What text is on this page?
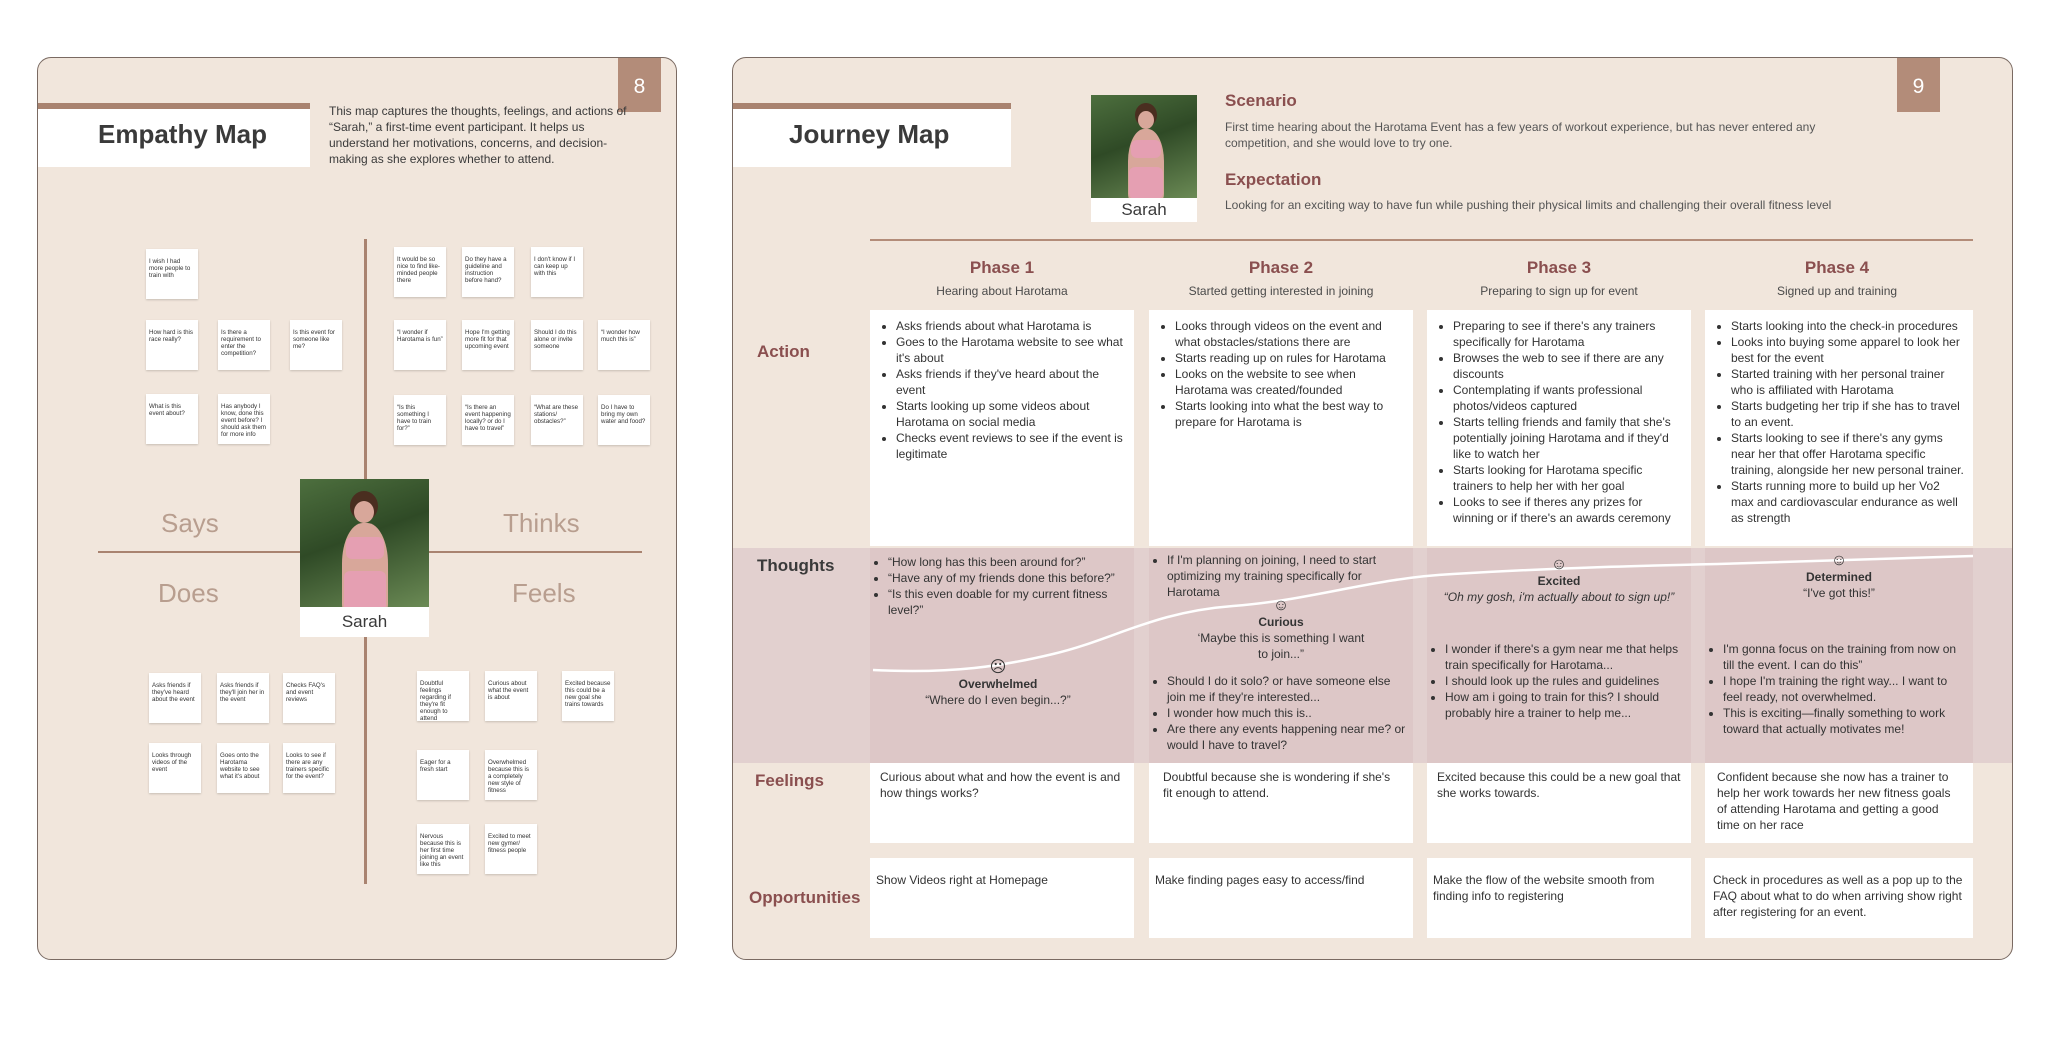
8
Empathy Map
This map captures the thoughts, feelings, and actions of “Sarah,” a first-time event participant. It helps us understand her motivations, concerns, and decision-making as she explores whether to attend.
Says	Thinks
Does	Feels
I wish I had more people to train with
How hard is this race really?
Is there a requirement to enter the competition?
Is this event for someone like me?
What is this event about?
Has anybody I know, done this event before? I should ask them for more info
It would be so nice to find like-minded people there
Do they have a guideline and instruction before hand?
I don't know if I can keep up with this
“I wonder if Harotama is fun”
Hope I'm getting more fit for that upcoming event
Should I do this alone or invite someone
“I wonder how much this is”
“Is this something I have to train for?”
“Is there an event happening locally? or do I have to travel”
“What are these stations/ obstacles?”
Do I have to bring my own water and food?
Asks friends if they've heard about the event
Asks friends if they'll join her in the event
Checks FAQ's and event reviews
Looks through videos of the event
Goes onto the Harotama website to see what it's about
Looks to see if there are any trainers specific for the event?
Doubtful feelings regarding if they're fit enough to attend
Curious about what the event is about
Excited because this could be a new goal she trains towards
Eager for a fresh start
Overwhelmed because this is a completely new style of fitness
Nervous because this is her first time joining an event like this
Excited to meet new gymer/ fitness people
Sarah
9
Journey Map
Sarah
Scenario
First time hearing about the Harotama Event has a few years of workout experience, but has never entered any competition, and she would love to try one.
Expectation
Looking for an exciting way to have fun while pushing their physical limits and challenging their overall fitness level
Phase 1
Hearing about Harotama
Phase 2
Started getting interested in joining
Phase 3
Preparing to sign up for event
Phase 4
Signed up and training
Action
• Asks friends about what Harotama is
• Goes to the Harotama website to see what it's about
• Asks friends if they've heard about the event
• Starts looking up some videos about Harotama on social media
• Checks event reviews to see if the event is legitimate
• Looks through videos on the event and what obstacles/stations there are
• Starts reading up on rules for Harotama
• Looks on the website to see when Harotama was created/founded
• Starts looking into what the best way to prepare for Harotama is
• Preparing to see if there's any trainers specifically for Harotama
• Browses the web to see if there are any discounts
• Contemplating if wants professional photos/videos captured
• Starts telling friends and family that she's potentially joining Harotama and if they'd like to watch her
• Starts looking for Harotama specific trainers to help her with her goal
• Looks to see if theres any prizes for winning or if there's an awards ceremony
• Starts looking into the check-in procedures
• Looks into buying some apparel to look her best for the event
• Started training with her personal trainer who is affiliated with Harotama
• Starts budgeting her trip if she has to travel to an event.
• Starts looking to see if there's any gyms near her that offer Harotama specific training, alongside her new personal trainer.
• Starts running more to build up her Vo2 max and cardiovascular endurance as well as strength
Thoughts
•	“How long has this been around for?”
• “Have any of my friends done this before?”
• “Is this even doable for my current fitness level?”
☹
Overwhelmed
“Where do I even begin...?”
• If I'm planning on joining, I need to start optimizing my training specifically for Harotama
☺
Curious
‘Maybe this is something I want to join...”
• Should I do it solo? or have someone else join me if they're interested...
• I wonder how much this is..
• Are there any events happening near me? or would I have to travel?
☺
Excited
“Oh my gosh, i'm actually about to sign up!”
• I wonder if there's a gym near me that helps train specifically for Harotama...
• I should look up the rules and guidelines
• How am i going to train for this? I should probably hire a trainer to help me...
☺
Determined
“I've got this!”
• I'm gonna focus on the training from now on till the event. I can do this”
• I hope I'm training the right way... I want to feel ready, not overwhelmed.
• This is exciting—finally something to work toward that actually motivates me!
Feelings	Curious about what and how the event is and how things works?
Doubtful because she is wondering if she's fit enough to attend.
Excited because this could be a new goal that she works towards.
Confident because she now has a trainer to help her work towards her new fitness goals of attending Harotama and getting a good time on her race
Opportunities
Show Videos right at Homepage	Make finding pages easy to access/find	Make the flow of the website smooth from finding info to registering
Check in procedures as well as a pop up to the FAQ about what to do when arriving show right after registering for an event.
